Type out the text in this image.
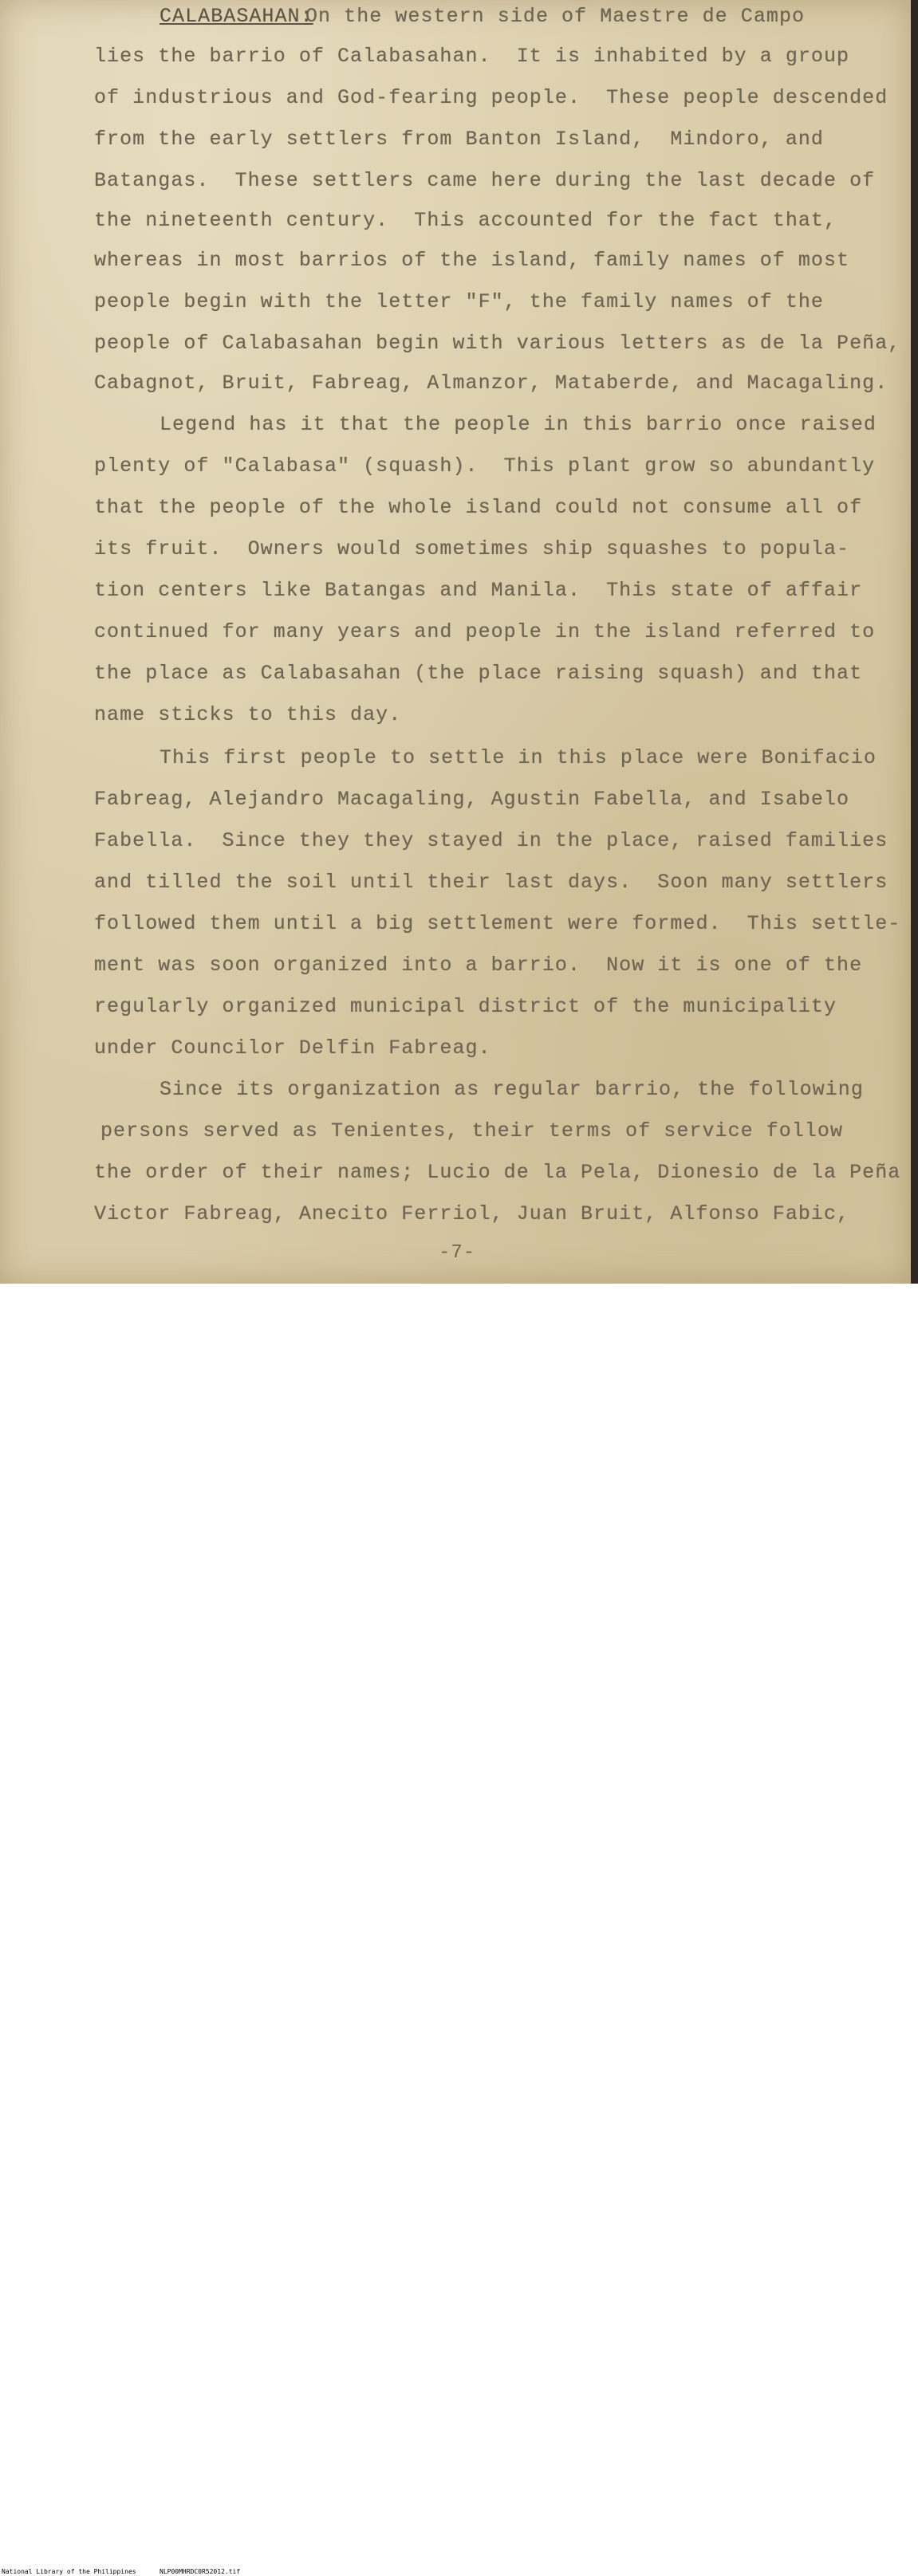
CALABASAHAN:
On the western side of Maestre de Campo
lies the barrio of Calabasahan.  It is inhabited by a group
of industrious and God-fearing people.  These people descended
from the early settlers from Banton Island,  Mindoro, and
Batangas.  These settlers came here during the last decade of
the nineteenth century.  This accounted for the fact that,
whereas in most barrios of the island, family names of most
people begin with the letter "F", the family names of the
people of Calabasahan begin with various letters as de la Peña,
Cabagnot, Bruit, Fabreag, Almanzor, Mataberde, and Macagaling.
Legend has it that the people in this barrio once raised
plenty of "Calabasa" (squash).  This plant grow so abundantly
that the people of the whole island could not consume all of
its fruit.  Owners would sometimes ship squashes to popula-
tion centers like Batangas and Manila.  This state of affair
continued for many years and people in the island referred to
the place as Calabasahan (the place raising squash) and that
name sticks to this day.
This first people to settle in this place were Bonifacio
Fabreag, Alejandro Macagaling, Agustin Fabella, and Isabelo
Fabella.  Since they they stayed in the place, raised families
and tilled the soil until their last days.  Soon many settlers
followed them until a big settlement were formed.  This settle-
ment was soon organized into a barrio.  Now it is one of the
regularly organized municipal district of the municipality
under Councilor Delfin Fabreag.
Since its organization as regular barrio, the following
persons served as Tenientes, their terms of service follow
the order of their names; Lucio de la Pela, Dionesio de la Peña
Victor Fabreag, Anecito Ferriol, Juan Bruit, Alfonso Fabic,
-7-
National Library of the Philippines	NLP00MHRDC0R52012.tif
